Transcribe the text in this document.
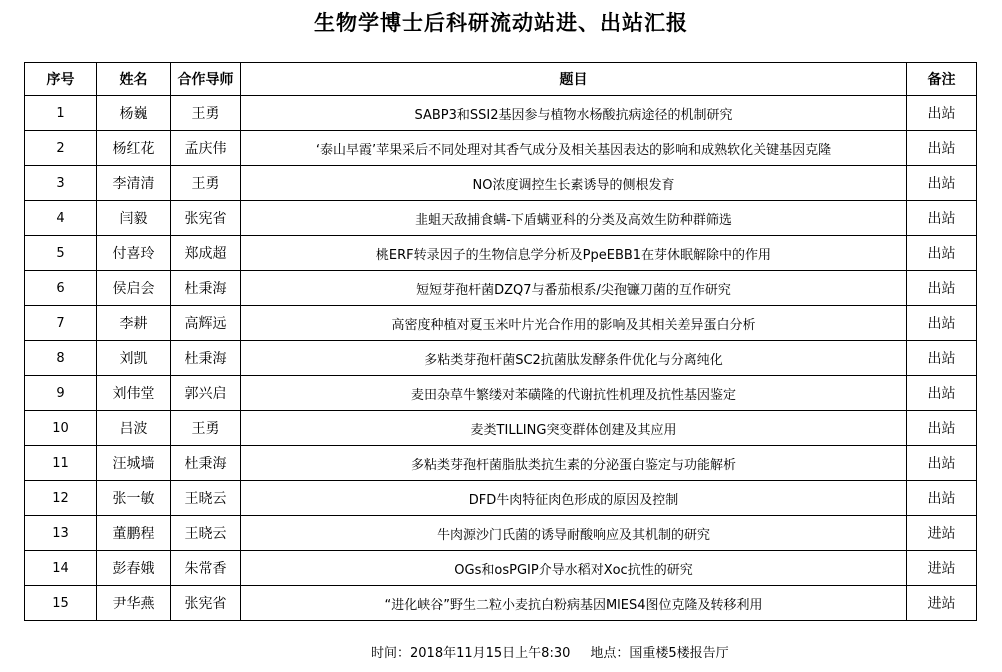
生物学博士后科研流动站进、出站汇报
序号	姓名	合作导师	题目	备注
1	杨巍	王勇	SABP3和SSI2基因参与植物水杨酸抗病途径的机制研究	出站
2	杨红花	孟庆伟	‘泰山早霞’苹果采后不同处理对其香气成分及相关基因表达的影响和成熟软化关键基因克隆	出站
3	李清清	王勇	NO浓度调控生长素诱导的侧根发育	出站
4	闫毅	张宪省	韭蛆天敌捕食螨-下盾螨亚科的分类及高效生防种群筛选	出站
5	付喜玲	郑成超	桃ERF转录因子的生物信息学分析及PpeEBB1在芽休眠解除中的作用	出站
6	侯启会	杜秉海	短短芽孢杆菌DZQ7与番茄根系/尖孢镰刀菌的互作研究	出站
7	李耕	高辉远	高密度种植对夏玉米叶片光合作用的影响及其相关差异蛋白分析	出站
8	刘凯	杜秉海	多粘类芽孢杆菌SC2抗菌肽发酵条件优化与分离纯化	出站
9	刘伟堂	郭兴启	麦田杂草牛繁缕对苯磺隆的代谢抗性机理及抗性基因鉴定	出站
10	吕波	王勇	麦类TILLING突变群体创建及其应用	出站
11	汪城墙	杜秉海	多粘类芽孢杆菌脂肽类抗生素的分泌蛋白鉴定与功能解析	出站
12	张一敏	王晓云	DFD牛肉特征肉色形成的原因及控制	出站
13	董鹏程	王晓云	牛肉源沙门氏菌的诱导耐酸响应及其机制的研究	进站
14	彭春娥	朱常香	OGs和osPGIP介导水稻对Xoc抗性的研究	进站
15	尹华燕	张宪省	“进化峡谷”野生二粒小麦抗白粉病基因MlES4图位克隆及转移利用	进站
时间：2018年11月15日上午8:30 地点：国重楼5楼报告厅
